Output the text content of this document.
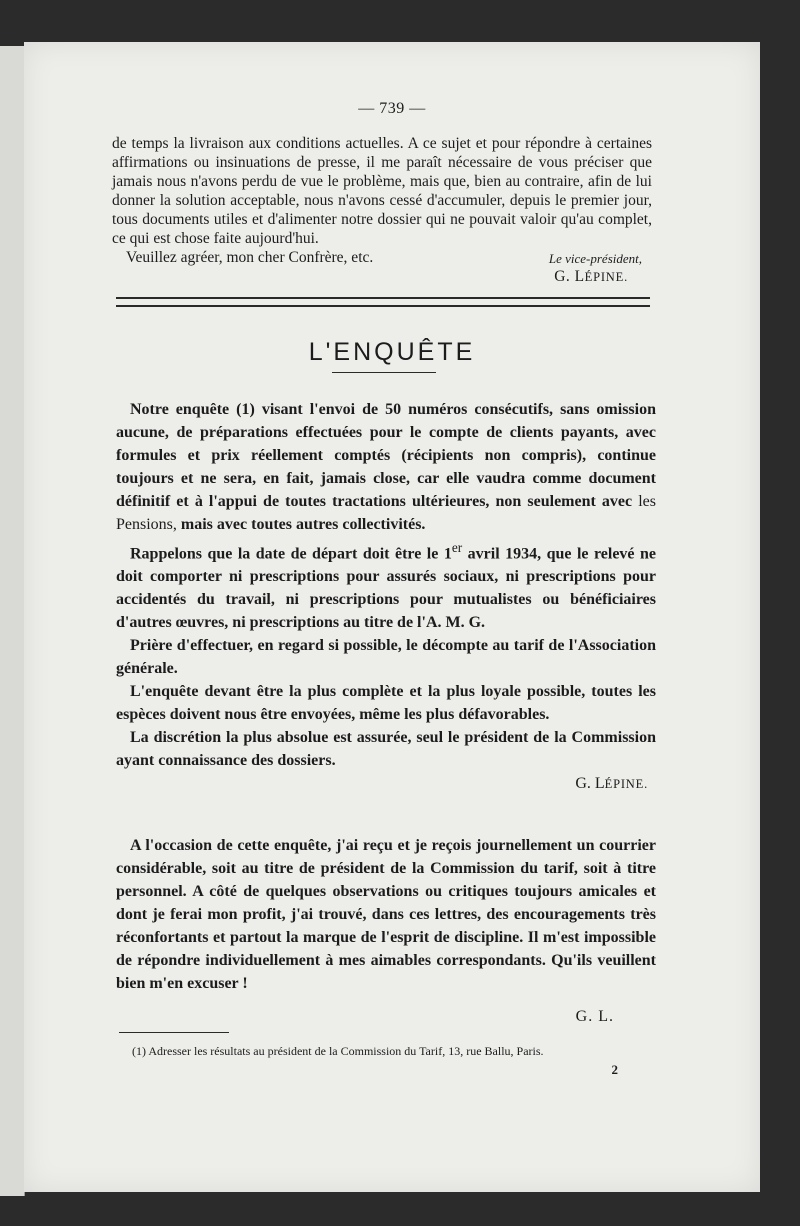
— 739 —

de temps la livraison aux conditions actuelles. A ce sujet et pour répondre à certaines affirmations ou insinuations de presse, il me paraît nécessaire de vous préciser que jamais nous n'avons perdu de vue le problème, mais que, bien au contraire, afin de lui donner la solution acceptable, nous n'avons cessé d'accumuler, depuis le premier jour, tous documents utiles et d'alimenter notre dossier qui ne pouvait valoir qu'au complet, ce qui est chose faite aujourd'hui.

Veuillez agréer, mon cher Confrère, etc.	Le vice-président,
G. LÉPINE.
L'ENQUÊTE

Notre enquête (1) visant l'envoi de 50 numéros consécutifs, sans omission aucune, de préparations effectuées pour le compte de clients payants, avec formules et prix réellement comptés (récipients non compris), continue toujours et ne sera, en fait, jamais close, car elle vaudra comme document définitif et à l'appui de toutes tractations ultérieures, non seulement avec les Pensions, mais avec toutes autres collectivités.

Rappelons que la date de départ doit être le 1er avril 1934, que le relevé ne doit comporter ni prescriptions pour assurés sociaux, ni prescriptions pour accidentés du travail, ni prescriptions pour mutualistes ou bénéficiaires d'autres œuvres, ni prescriptions au titre de l'A. M. G.

Prière d'effectuer, en regard si possible, le décompte au tarif de l'Association générale.

L'enquête devant être la plus complète et la plus loyale possible, toutes les espèces doivent nous être envoyées, même les plus défavorables.

La discrétion la plus absolue est assurée, seul le président de la Commission ayant connaissance des dossiers.

G. LÉPINE.

A l'occasion de cette enquête, j'ai reçu et je reçois journellement un courrier considérable, soit au titre de président de la Commission du tarif, soit à titre personnel. A côté de quelques observations ou critiques toujours amicales et dont je ferai mon profit, j'ai trouvé, dans ces lettres, des encouragements très réconfortants et partout la marque de l'esprit de discipline. Il m'est impossible de répondre individuellement à mes aimables correspondants. Qu'ils veuillent bien m'en excuser !

G. L.
(1) Adresser les résultats au président de la Commission du Tarif, 13, rue Ballu, Paris.
2
